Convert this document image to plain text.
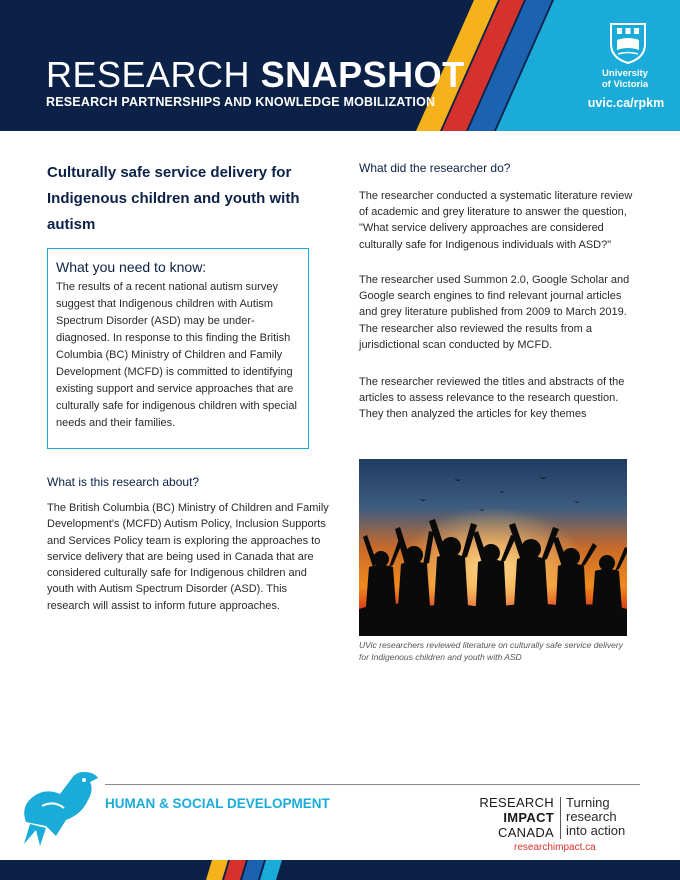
RESEARCH SNAPSHOT
RESEARCH PARTNERSHIPS AND KNOWLEDGE MOBILIZATION
University
of Victoria
uvic.ca/rpkm
Culturally safe service delivery for Indigenous children and youth with autism
What you need to know:

The results of a recent national autism survey suggest that Indigenous children with Autism Spectrum Disorder (ASD) may be under-diagnosed. In response to this finding the British Columbia (BC) Ministry of Children and Family Development (MCFD) is committed to identifying existing support and service approaches that are culturally safe for indigenous children with special needs and their families.

What is this research about?

The British Columbia (BC) Ministry of Children and Family Development's (MCFD) Autism Policy, Inclusion Supports and Services Policy team is exploring the approaches to service delivery that are being used in Canada that are considered culturally safe for Indigenous children and youth with Autism Spectrum Disorder (ASD). This research will assist to inform future approaches.

What did the researcher do?

The researcher conducted a systematic literature review of academic and grey literature to answer the question, "What service delivery approaches are considered culturally safe for Indigenous individuals with ASD?"

The researcher used Summon 2.0, Google Scholar and Google search engines to find relevant journal articles and grey literature published from 2009 to March 2019. The researcher also reviewed the results from a jurisdictional scan conducted by MCFD.

The researcher reviewed the titles and abstracts of the articles to assess relevance to the research question. They then analyzed the articles for key themes

UVic researchers reviewed literature on culturally safe service delivery for Indigenous children and youth with ASD

HUMAN & SOCIAL DEVELOPMENT	RESEARCH
IMPACT
CANADA
Turning
research
into action
researchimpact.ca
